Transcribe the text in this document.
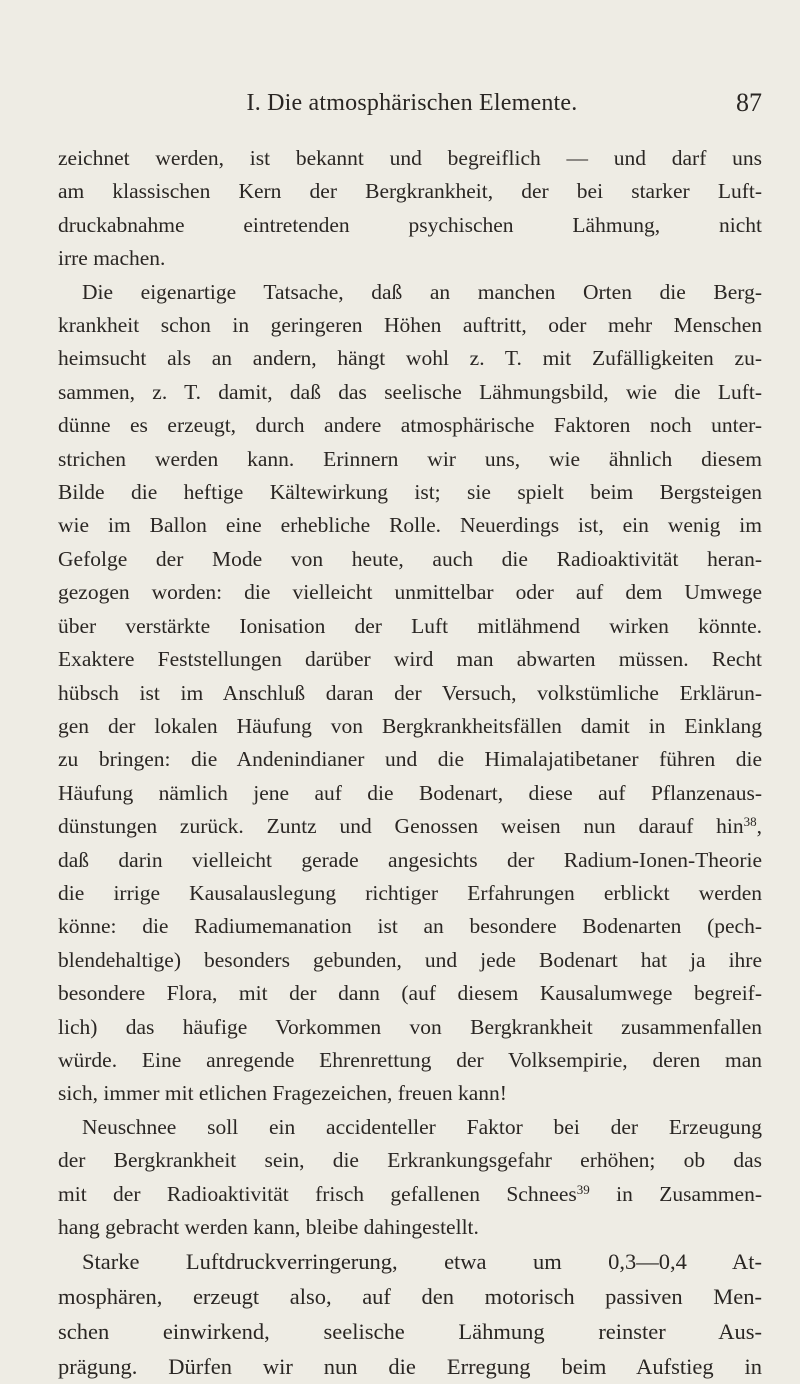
I. Die atmosphärischen Elemente.	87

zeichnet werden, ist bekannt und begreiflich — und darf uns
am klassischen Kern der Bergkrankheit, der bei starker Luft-
druckabnahme eintretenden psychischen Lähmung, nicht
irre machen.

Die eigenartige Tatsache, daß an manchen Orten die Berg-
krankheit schon in geringeren Höhen auftritt, oder mehr Menschen
heimsucht als an andern, hängt wohl z. T. mit Zufälligkeiten zu-
sammen, z. T. damit, daß das seelische Lähmungsbild, wie die Luft-
dünne es erzeugt, durch andere atmosphärische Faktoren noch unter-
strichen werden kann. Erinnern wir uns, wie ähnlich diesem
Bilde die heftige Kältewirkung ist; sie spielt beim Bergsteigen
wie im Ballon eine erhebliche Rolle. Neuerdings ist, ein wenig im
Gefolge der Mode von heute, auch die Radioaktivität heran-
gezogen worden: die vielleicht unmittelbar oder auf dem Umwege
über verstärkte Ionisation der Luft mitlähmend wirken könnte.
Exaktere Feststellungen darüber wird man abwarten müssen. Recht
hübsch ist im Anschluß daran der Versuch, volkstümliche Erklärun-
gen der lokalen Häufung von Bergkrankheitsfällen damit in Einklang
zu bringen: die Andenindianer und die Himalajatibetaner führen die
Häufung nämlich jene auf die Bodenart, diese auf Pflanzenaus-
dünstungen zurück. Zuntz und Genossen weisen nun darauf hin$^{38}$,
daß darin vielleicht gerade angesichts der Radium-Ionen-Theorie
die irrige Kausalauslegung richtiger Erfahrungen erblickt werden
könne: die Radiumemanation ist an besondere Bodenarten (pech-
blendehaltige) besonders gebunden, und jede Bodenart hat ja ihre
besondere Flora, mit der dann (auf diesem Kausalumwege begreif-
lich) das häufige Vorkommen von Bergkrankheit zusammenfallen
würde. Eine anregende Ehrenrettung der Volksempirie, deren man
sich, immer mit etlichen Fragezeichen, freuen kann!

Neuschnee soll ein accidenteller Faktor bei der Erzeugung
der Bergkrankheit sein, die Erkrankungsgefahr erhöhen; ob das
mit der Radioaktivität frisch gefallenen Schnees$^{39}$ in Zusammen-
hang gebracht werden kann, bleibe dahingestellt.

Starke Luftdruckverringerung, etwa um 0,3—0,4 At-
mosphären, erzeugt also, auf den motorisch passiven Men-
schen einwirkend, seelische Lähmung reinster Aus-
prägung. Dürfen wir nun die Erregung beim Aufstieg in
